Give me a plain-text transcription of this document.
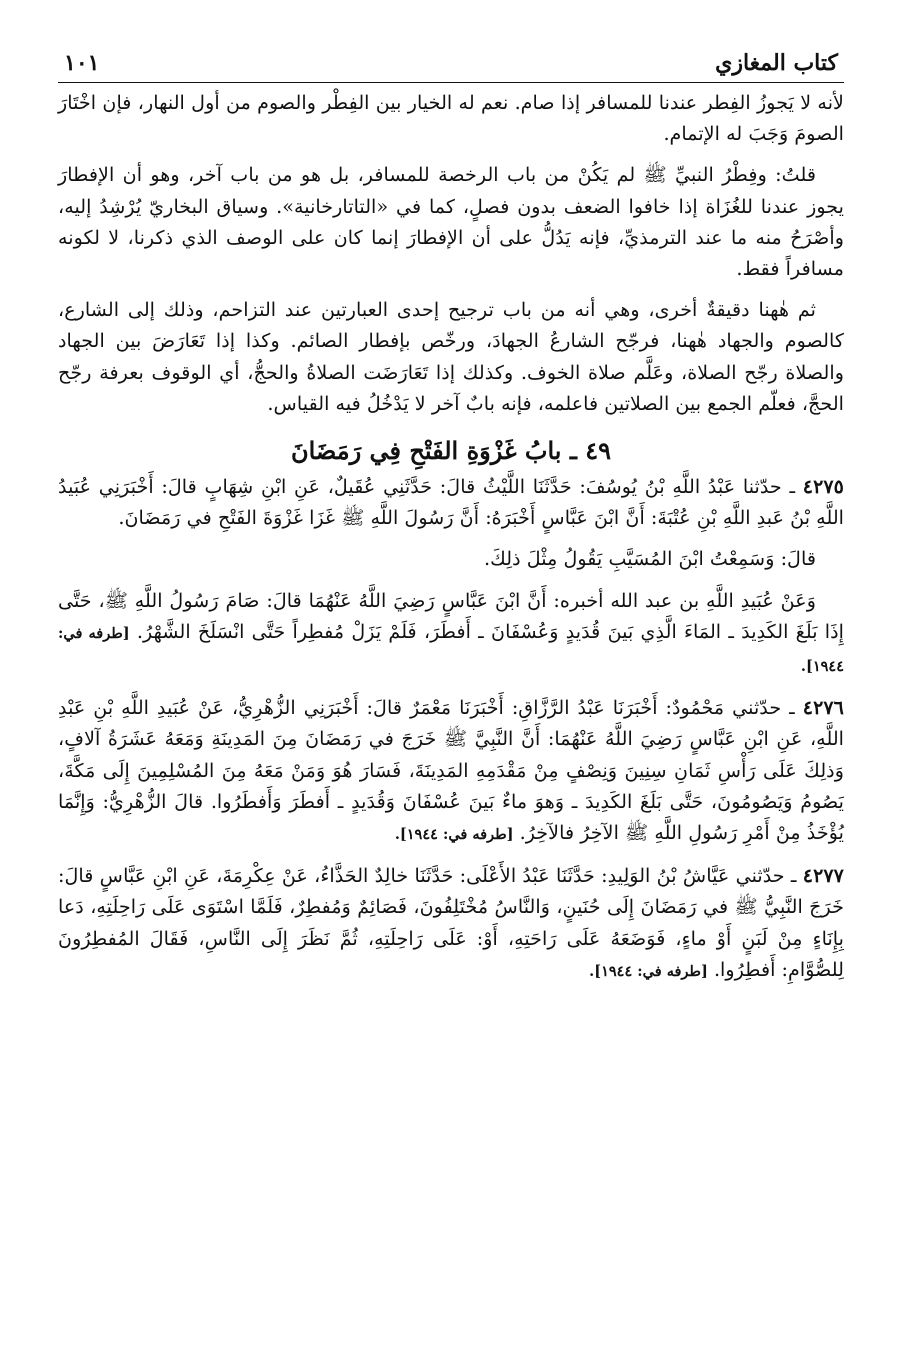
كتاب المغازي
١٠١

لأنه لا يَجوزُ الفِطر عندنا للمسافر إذا صام. نعم له الخيار بين الفِطْر والصوم من أول النهار، فإن اخْتَارَ الصومَ وَجَبَ له الإتمام.

قلتُ: وفِطْرُ النبيِّ ﷺ لم يَكُنْ من باب الرخصة للمسافر، بل هو من باب آخر، وهو أن الإفطارَ يجوز عندنا للغُزَاة إذا خافوا الضعف بدون فصلٍ، كما في «التاتارخانية». وسياق البخاريّ يُرْشِدُ إليه، وأصْرَحُ منه ما عند الترمذيِّ، فإنه يَدُلُّ على أن الإفطارَ إنما كان على الوصف الذي ذكرنا، لا لكونه مسافراً فقط.

ثم هٰهنا دقيقةٌ أخرى، وهي أنه من باب ترجيح إحدى العبارتين عند التزاحم، وذلك إلى الشارع، كالصوم والجهاد هٰهنا، فرجّح الشارعُ الجهادَ، ورخّص بإفطار الصائم. وكذا إذا تَعَارَضَ بين الجهاد والصلاة رجّح الصلاة، وعَلَّم صلاة الخوف. وكذلك إذا تَعَارَضَت الصلاةُ والحجُّ، أي الوقوف بعرفة رجّح الحجَّ، فعلّم الجمع بين الصلاتين فاعلمه، فإنه بابٌ آخر لا يَدْخُلُ فيه القياس.

٤٩ ـ بابُ غَزْوَةِ الفَتْحِ فِي رَمَضَانَ

٤٢٧٥ ـ حدّثنا عَبْدُ اللَّهِ بْنُ يُوسُفَ: حَدَّثَنَا اللَّيْثُ قالَ: حَدَّثَنِي عُقَيلٌ، عَنِ ابْنِ شِهَابٍ قالَ: أَخْبَرَنِي عُبَيدُ اللَّهِ بْنُ عَبدِ اللَّهِ بْنِ عُتْبَةَ: أَنَّ ابْنَ عَبَّاسٍ أَخْبَرَهُ: أَنَّ رَسُولَ اللَّهِ ﷺ غَزَا غَزْوَةَ الفَتْحِ في رَمَضَانَ.

قالَ: وَسَمِعْتُ ابْنَ المُسَيَّبِ يَقُولُ مِثْلَ ذلِكَ.

وَعَنْ عُبَيدِ اللَّهِ بن عبد الله أخبره: أَنَّ ابْنَ عَبَّاسٍ رَضِيَ اللَّهُ عَنْهُمَا قالَ: صَامَ رَسُولُ اللَّهِ ﷺ، حَتَّى إِذَا بَلَغَ الكَدِيدَ ـ المَاءَ الَّذِي بَينَ قُدَيدٍ وَعُسْفَانَ ـ أَفطَرَ، فَلَمْ يَزَلْ مُفطِراً حَتَّى انْسَلَخَ الشَّهْرُ. [طرفه في: ١٩٤٤].

٤٢٧٦ ـ حدّثني مَحْمُودٌ: أَخْبَرَنَا عَبْدُ الرَّزَّاقِ: أَخْبَرَنَا مَعْمَرٌ قالَ: أَخْبَرَنِي الزُّهْرِيُّ، عَنْ عُبَيدِ اللَّهِ بْنِ عَبْدِ اللَّهِ، عَنِ ابْنِ عَبَّاسٍ رَضِيَ اللَّهُ عَنْهُمَا: أَنَّ النَّبِيَّ ﷺ خَرَجَ في رَمَضَانَ مِنَ المَدِينَةِ وَمَعَهُ عَشَرَةُ آلافٍ، وَذلِكَ عَلَى رَأْسِ ثَمَانِ سِنِينَ وَنِصْفٍ مِنْ مَقْدَمِهِ المَدِينَةَ، فَسَارَ هُوَ وَمَنْ مَعَهُ مِنَ المُسْلِمِينَ إِلَى مَكَّةَ، يَصُومُ وَيَصُومُونَ، حَتَّى بَلَغَ الكَدِيدَ ـ وَهوَ ماءٌ بَينَ عُسْفَانَ وَقُدَيدٍ ـ أَفطَرَ وَأَفطَرُوا. قالَ الزُّهْرِيُّ: وَإِنَّمَا يُؤْخَذُ مِنْ أَمْرِ رَسُولِ اللَّهِ ﷺ الآخِرُ فالآخِرُ. [طرفه في: ١٩٤٤].

٤٢٧٧ ـ حدّثني عَيَّاشُ بْنُ الوَلِيدِ: حَدَّثَنَا عَبْدُ الأَعْلَى: حَدَّثَنَا خالِدٌ الحَذَّاءُ، عَنْ عِكْرِمَةَ، عَنِ ابْنِ عَبَّاسٍ قالَ: خَرَجَ النَّبِيُّ ﷺ في رَمَضَانَ إِلَى حُنَينٍ، وَالنَّاسُ مُخْتَلِفُونَ، فَصَائِمٌ وَمُفطِرٌ، فَلَمَّا اسْتَوَى عَلَى رَاحِلَتِهِ، دَعا بِإِنَاءٍ مِنْ لَبَنٍ أَوْ ماءٍ، فَوَضَعَهُ عَلَى رَاحَتِهِ، أَوْ: عَلَى رَاحِلَتِهِ، ثُمَّ نَظَرَ إِلَى النَّاسِ، فَقَالَ المُفطِرُونَ لِلصُّوَّامِ: أَفطِرُوا. [طرفه في: ١٩٤٤].
